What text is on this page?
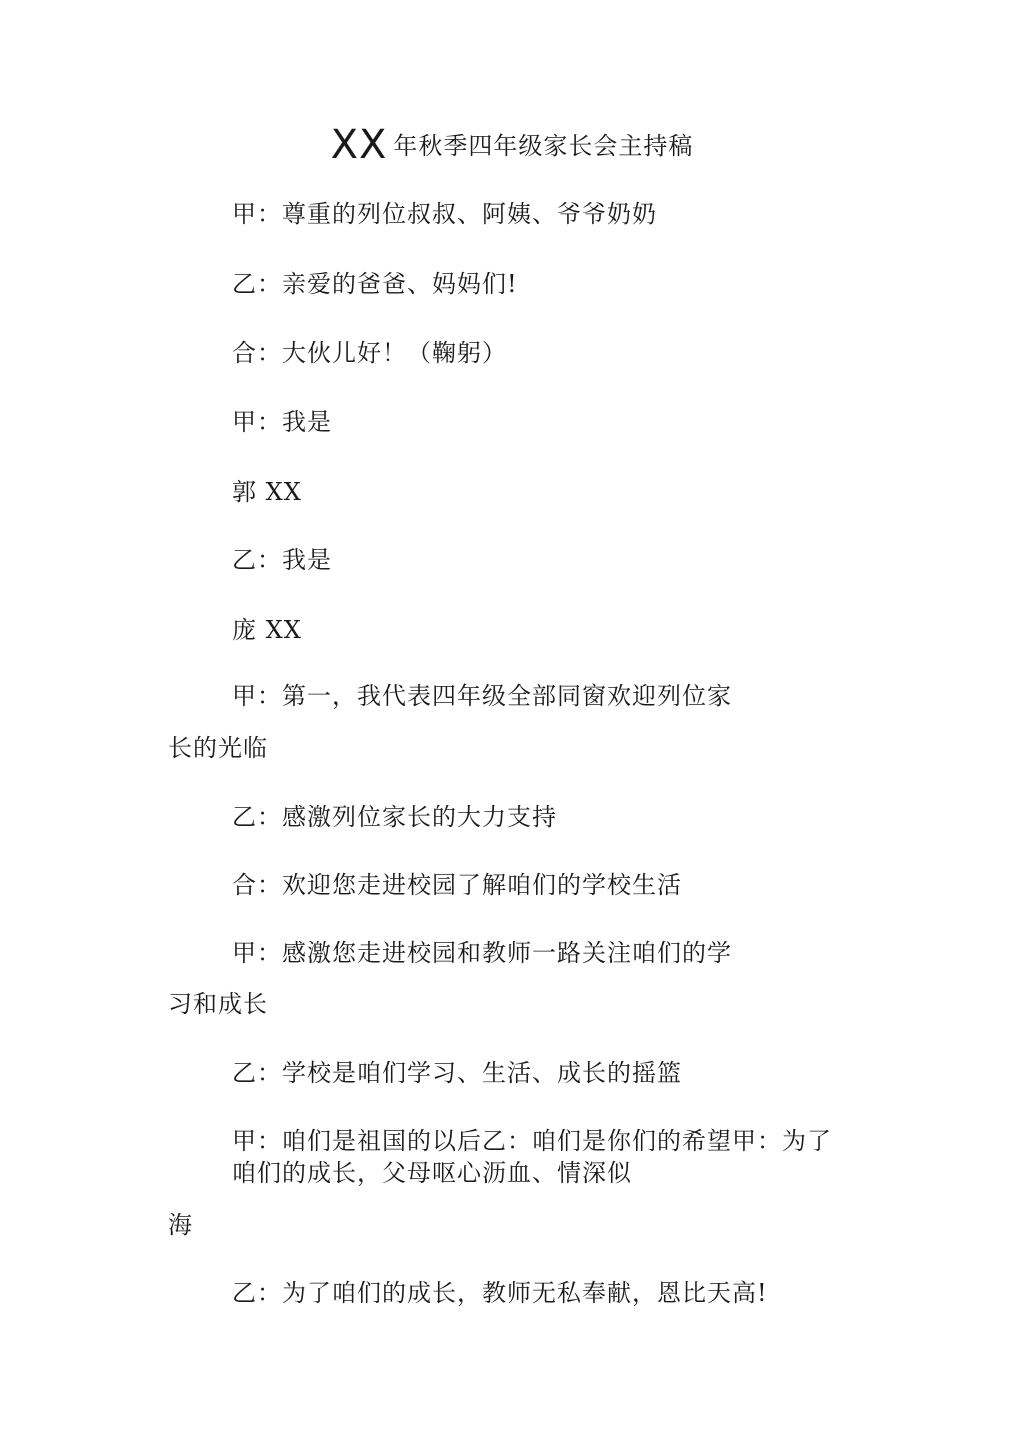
XX 年秋季四年级家长会主持稿
甲：尊重的列位叔叔、阿姨、爷爷奶奶
乙：亲爱的爸爸、妈妈们!
合：大伙儿好！（鞠躬）
甲：我是
郭 XX
乙：我是
庞 XX
甲：第一，我代表四年级全部同窗欢迎列位家
长的光临
乙：感激列位家长的大力支持
合：欢迎您走进校园了解咱们的学校生活
甲：感激您走进校园和教师一路关注咱们的学
习和成长
乙：学校是咱们学习、生活、成长的摇篮
甲：咱们是祖国的以后乙：咱们是你们的希望甲：为了
咱们的成长，父母呕心沥血、情深似
海
乙：为了咱们的成长，教师无私奉献，恩比天高!
